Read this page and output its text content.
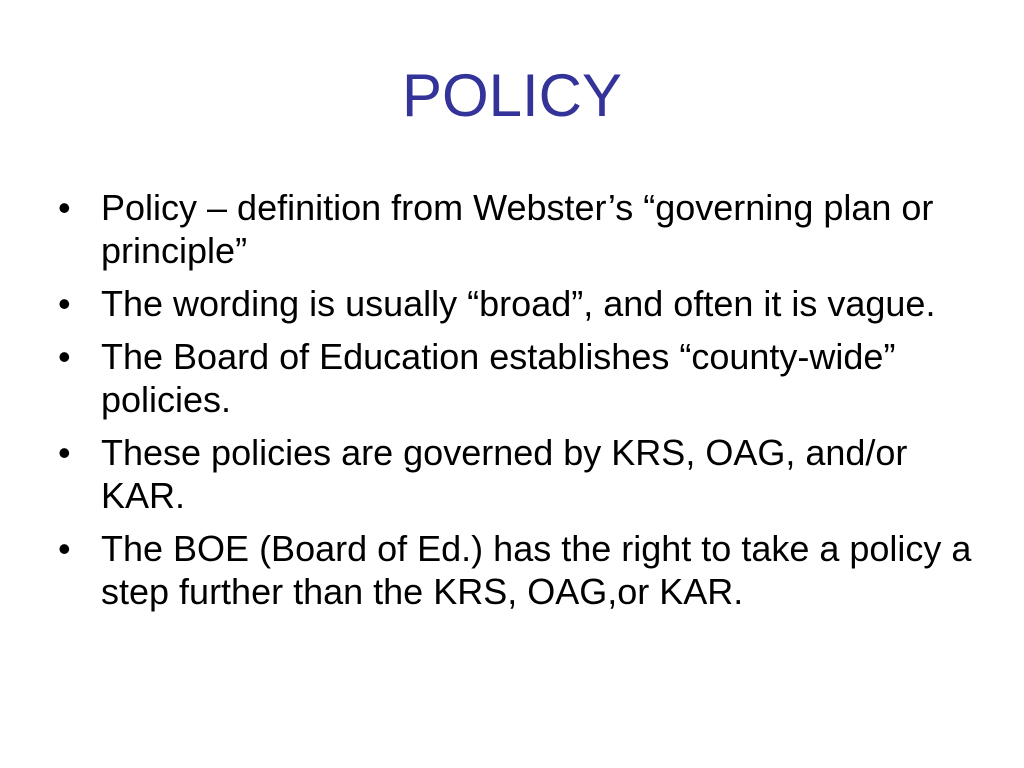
POLICY
• Policy – definition from Webster’s “governing plan or principle”
• The wording is usually “broad”, and often it is vague.
• The Board of Education establishes “county-wide” policies.
• These policies are governed by KRS, OAG, and/or KAR.
• The BOE (Board of Ed.) has the right to take a policy a step further than the KRS, OAG,or KAR.
